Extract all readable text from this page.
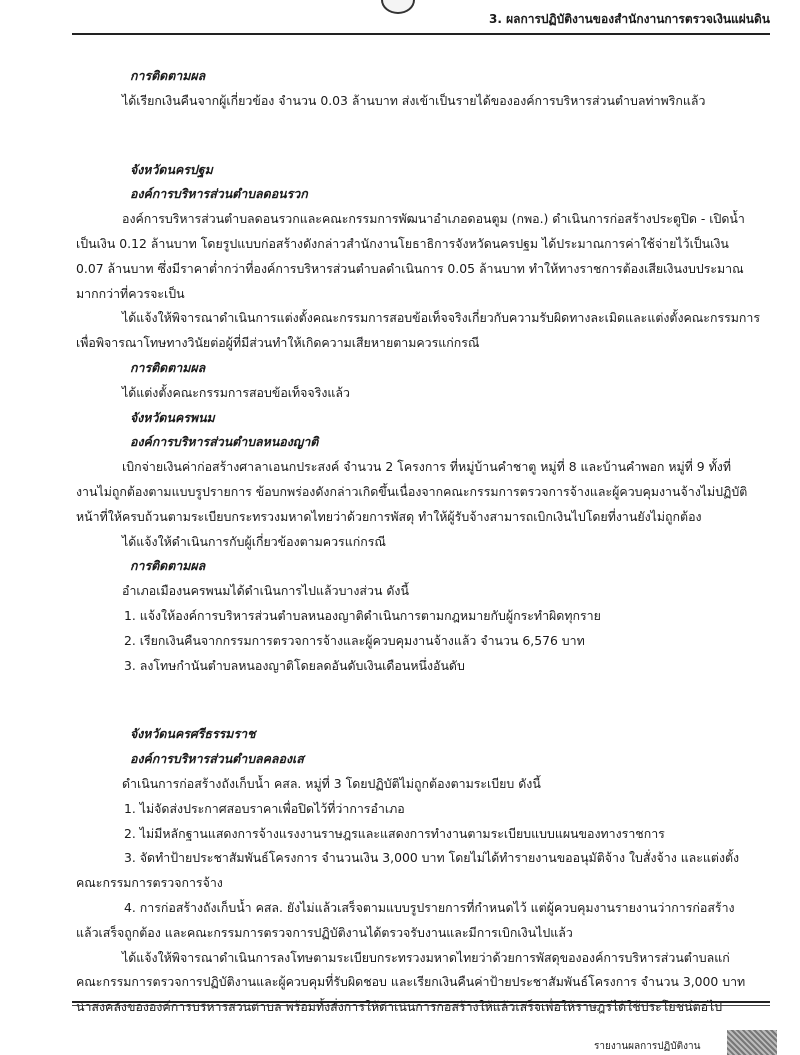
3. ผลการปฏิบัติงานของสำนักงานการตรวจเงินแผ่นดิน

การติดตามผล

ได้เรียกเงินคืนจากผู้เกี่ยวข้อง จำนวน 0.03 ล้านบาท ส่งเข้าเป็นรายได้ขององค์การบริหารส่วนตำบลท่าพริกแล้ว

จังหวัดนครปฐม

องค์การบริหารส่วนตำบลดอนรวก

องค์การบริหารส่วนตำบลดอนรวกและคณะกรรมการพัฒนาอำเภอดอนตูม (กพอ.) ดำเนินการก่อสร้างประตูปิด - เปิดน้ำ

เป็นเงิน 0.12 ล้านบาท โดยรูปแบบก่อสร้างดังกล่าวสำนักงานโยธาธิการจังหวัดนครปฐม ได้ประมาณการค่าใช้จ่ายไว้เป็นเงิน

0.07 ล้านบาท ซึ่งมีราคาต่ำกว่าที่องค์การบริหารส่วนตำบลดำเนินการ 0.05 ล้านบาท ทำให้ทางราชการต้องเสียเงินงบประมาณ

มากกว่าที่ควรจะเป็น

ได้แจ้งให้พิจารณาดำเนินการแต่งตั้งคณะกรรมการสอบข้อเท็จจริงเกี่ยวกับความรับผิดทางละเมิดและแต่งตั้งคณะกรรมการ

เพื่อพิจารณาโทษทางวินัยต่อผู้ที่มีส่วนทำให้เกิดความเสียหายตามควรแก่กรณี

การติดตามผล

ได้แต่งตั้งคณะกรรมการสอบข้อเท็จจริงแล้ว

จังหวัดนครพนม

องค์การบริหารส่วนตำบลหนองญาติ

เบิกจ่ายเงินค่าก่อสร้างศาลาเอนกประสงค์ จำนวน 2 โครงการ ที่หมู่บ้านคำชาตู หมู่ที่ 8 และบ้านคำพอก หมู่ที่ 9 ทั้งที่

งานไม่ถูกต้องตามแบบรูปรายการ ข้อบกพร่องดังกล่าวเกิดขึ้นเนื่องจากคณะกรรมการตรวจการจ้างและผู้ควบคุมงานจ้างไม่ปฏิบัติ

หน้าที่ให้ครบถ้วนตามระเบียบกระทรวงมหาดไทยว่าด้วยการพัสดุ ทำให้ผู้รับจ้างสามารถเบิกเงินไปโดยที่งานยังไม่ถูกต้อง

ได้แจ้งให้ดำเนินการกับผู้เกี่ยวข้องตามควรแก่กรณี

การติดตามผล

อำเภอเมืองนครพนมได้ดำเนินการไปแล้วบางส่วน ดังนี้

1. แจ้งให้องค์การบริหารส่วนตำบลหนองญาติดำเนินการตามกฎหมายกับผู้กระทำผิดทุกราย

2. เรียกเงินคืนจากกรรมการตรวจการจ้างและผู้ควบคุมงานจ้างแล้ว จำนวน 6,576 บาท

3. ลงโทษกำนันตำบลหนองญาติโดยลดอันดับเงินเดือนหนึ่งอันดับ

จังหวัดนครศรีธรรมราช

องค์การบริหารส่วนตำบลคลองเส

ดำเนินการก่อสร้างถังเก็บน้ำ คสล. หมู่ที่ 3 โดยปฏิบัติไม่ถูกต้องตามระเบียบ ดังนี้

1. ไม่จัดส่งประกาศสอบราคาเพื่อปิดไว้ที่ว่าการอำเภอ

2. ไม่มีหลักฐานแสดงการจ้างแรงงานราษฎรและแสดงการทำงานตามระเบียบแบบแผนของทางราชการ

3. จัดทำป้ายประชาสัมพันธ์โครงการ จำนวนเงิน 3,000 บาท โดยไม่ได้ทำรายงานขออนุมัติจ้าง ใบสั่งจ้าง และแต่งตั้ง

คณะกรรมการตรวจการจ้าง

4. การก่อสร้างถังเก็บน้ำ คสล. ยังไม่แล้วเสร็จตามแบบรูปรายการที่กำหนดไว้ แต่ผู้ควบคุมงานรายงานว่าการก่อสร้าง

แล้วเสร็จถูกต้อง และคณะกรรมการตรวจการปฏิบัติงานได้ตรวจรับงานและมีการเบิกเงินไปแล้ว

ได้แจ้งให้พิจารณาดำเนินการลงโทษตามระเบียบกระทรวงมหาดไทยว่าด้วยการพัสดุขององค์การบริหารส่วนตำบลแก่

คณะกรรมการตรวจการปฏิบัติงานและผู้ควบคุมที่รับผิดชอบ และเรียกเงินคืนค่าป้ายประชาสัมพันธ์โครงการ จำนวน 3,000 บาท

นำส่งคลังขององค์การบริหารส่วนตำบล พร้อมทั้งสั่งการให้ดำเนินการก่อสร้างให้แล้วเสร็จเพื่อให้ราษฎรได้ใช้ประโยชน์ต่อไป

รายงานผลการปฏิบัติงาน
